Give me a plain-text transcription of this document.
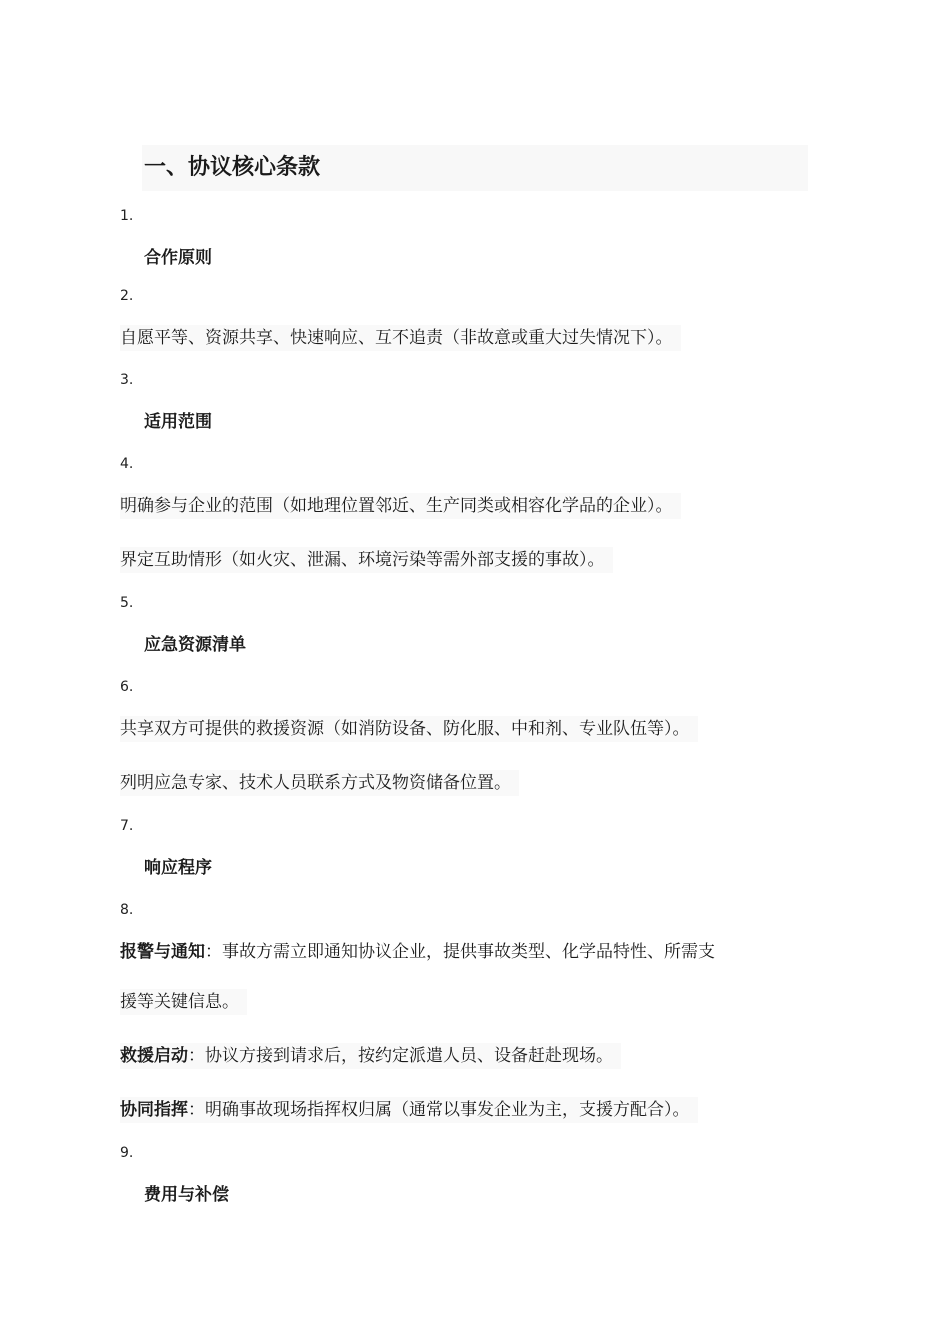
一、协议核心条款
1.
合作原则
2.
自愿平等、资源共享、快速响应、互不追责（非故意或重大过失情况下）。
3.
适用范围
4.
明确参与企业的范围（如地理位置邻近、生产同类或相容化学品的企业）。
界定互助情形（如火灾、泄漏、环境污染等需外部支援的事故）。
5.
应急资源清单
6.
共享双方可提供的救援资源（如消防设备、防化服、中和剂、专业队伍等）。
列明应急专家、技术人员联系方式及物资储备位置。
7.
响应程序
8.
报警与通知：事故方需立即通知协议企业，提供事故类型、化学品特性、所需支
援等关键信息。
救援启动：协议方接到请求后，按约定派遣人员、设备赶赴现场。
协同指挥：明确事故现场指挥权归属（通常以事发企业为主，支援方配合）。
9.
费用与补偿
